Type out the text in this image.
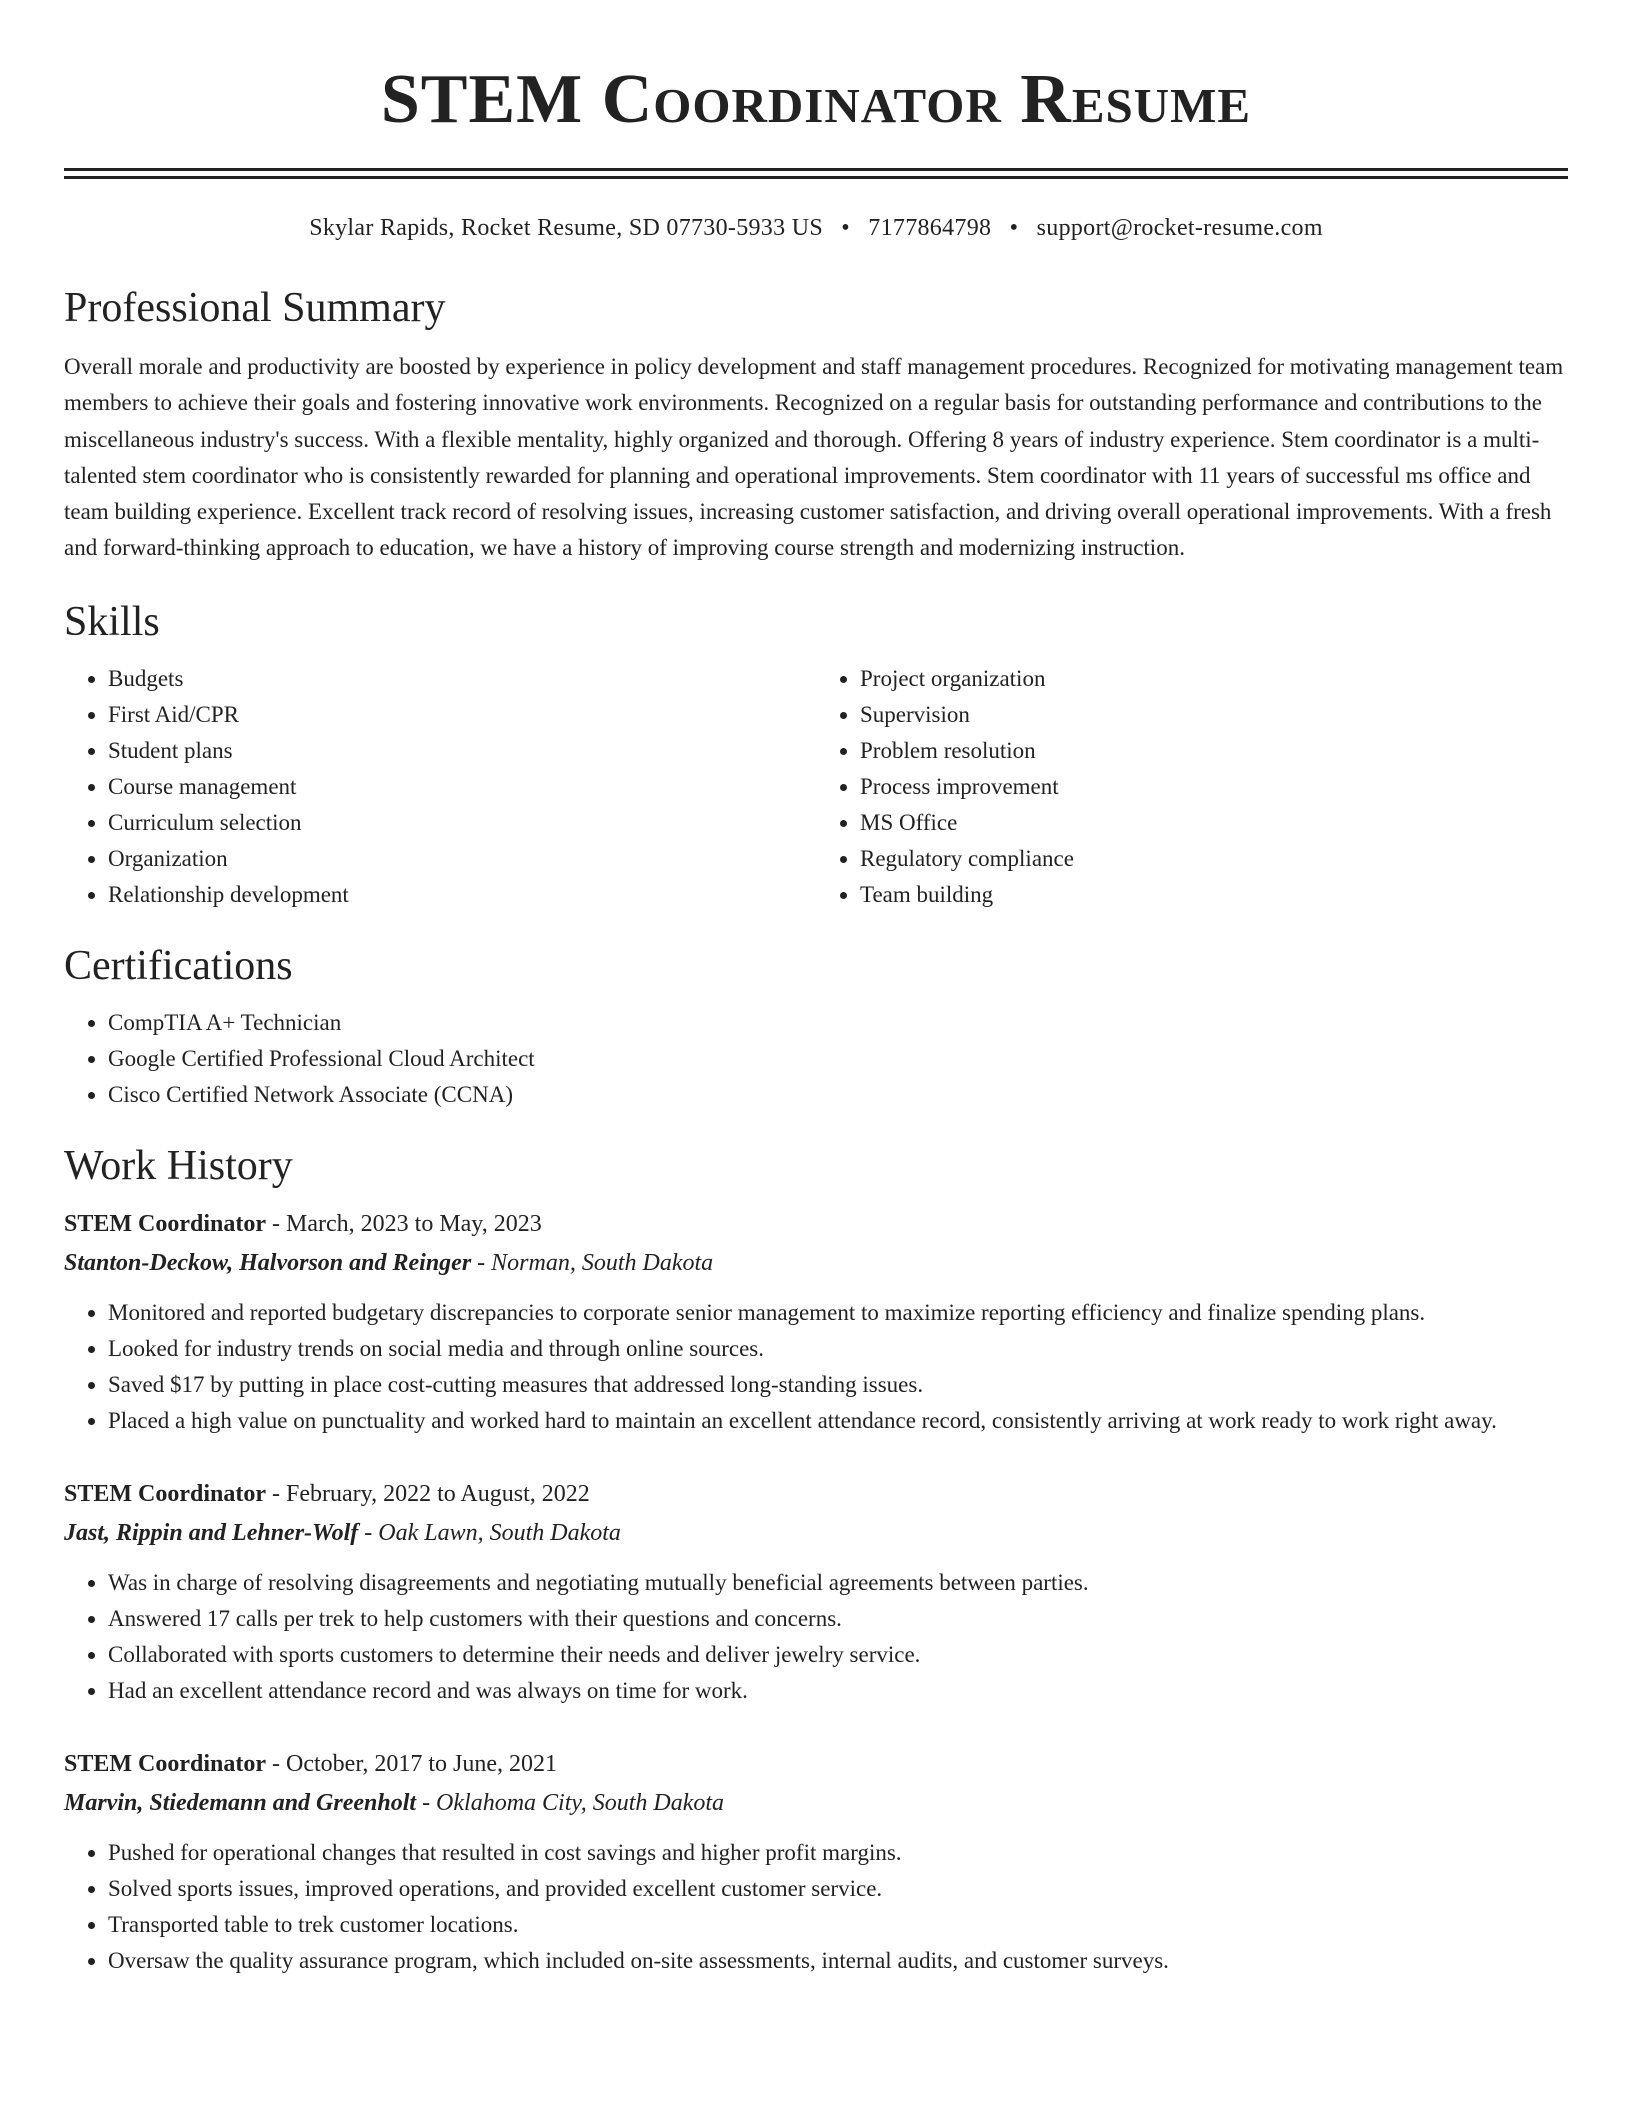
STEM Coordinator Resume
Skylar Rapids, Rocket Resume, SD 07730-5933 US • 7177864798 • support@rocket-resume.com
Professional Summary
Overall morale and productivity are boosted by experience in policy development and staff management procedures. Recognized for motivating management team members to achieve their goals and fostering innovative work environments. Recognized on a regular basis for outstanding performance and contributions to the miscellaneous industry's success. With a flexible mentality, highly organized and thorough. Offering 8 years of industry experience. Stem coordinator is a multi-talented stem coordinator who is consistently rewarded for planning and operational improvements. Stem coordinator with 11 years of successful ms office and team building experience. Excellent track record of resolving issues, increasing customer satisfaction, and driving overall operational improvements. With a fresh and forward-thinking approach to education, we have a history of improving course strength and modernizing instruction.
Skills
• Budgets
• First Aid/CPR
• Student plans
• Course management
• Curriculum selection
• Organization
• Relationship development
• Project organization
• Supervision
• Problem resolution
• Process improvement
• MS Office
• Regulatory compliance
• Team building
Certifications
• CompTIA A+ Technician
• Google Certified Professional Cloud Architect
• Cisco Certified Network Associate (CCNA)
Work History
STEM Coordinator - March, 2023 to May, 2023
Stanton-Deckow, Halvorson and Reinger - Norman, South Dakota
• Monitored and reported budgetary discrepancies to corporate senior management to maximize reporting efficiency and finalize spending plans.
• Looked for industry trends on social media and through online sources.
• Saved $17 by putting in place cost-cutting measures that addressed long-standing issues.
• Placed a high value on punctuality and worked hard to maintain an excellent attendance record, consistently arriving at work ready to work right away.
STEM Coordinator - February, 2022 to August, 2022
Jast, Rippin and Lehner-Wolf - Oak Lawn, South Dakota
• Was in charge of resolving disagreements and negotiating mutually beneficial agreements between parties.
• Answered 17 calls per trek to help customers with their questions and concerns.
• Collaborated with sports customers to determine their needs and deliver jewelry service.
• Had an excellent attendance record and was always on time for work.
STEM Coordinator - October, 2017 to June, 2021
Marvin, Stiedemann and Greenholt - Oklahoma City, South Dakota
• Pushed for operational changes that resulted in cost savings and higher profit margins.
• Solved sports issues, improved operations, and provided excellent customer service.
• Transported table to trek customer locations.
• Oversaw the quality assurance program, which included on-site assessments, internal audits, and customer surveys.
